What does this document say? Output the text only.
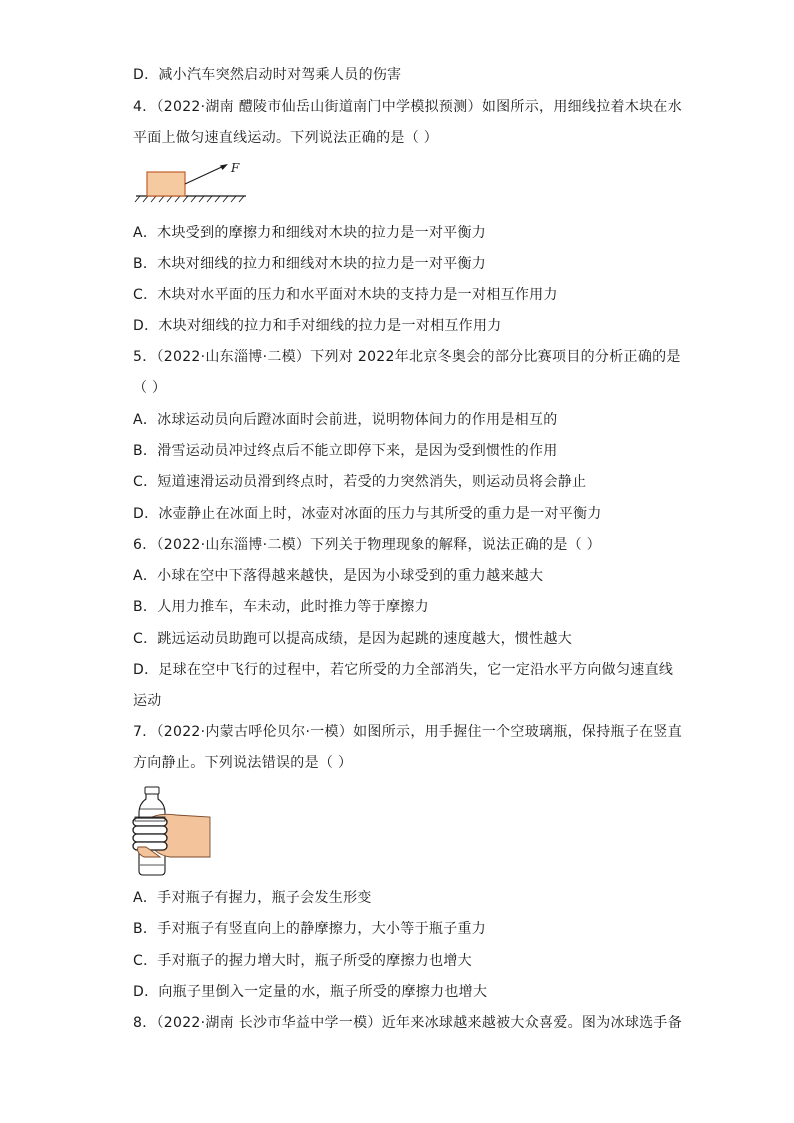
D．减小汽车突然启动时对驾乘人员的伤害
4．（2022·湖南 醴陵市仙岳山街道南门中学模拟预测）如图所示，用细线拉着木块在水
平面上做匀速直线运动。下列说法正确的是（ ）
F
A．木块受到的摩擦力和细线对木块的拉力是一对平衡力
B．木块对细线的拉力和细线对木块的拉力是一对平衡力
C．木块对水平面的压力和水平面对木块的支持力是一对相互作用力
D．木块对细线的拉力和手对细线的拉力是一对相互作用力
5．（2022·山东淄博·二模）下列对 2022年北京冬奥会的部分比赛项目的分析正确的是
（ ）
A．冰球运动员向后蹬冰面时会前进，说明物体间力的作用是相互的
B．滑雪运动员冲过终点后不能立即停下来，是因为受到惯性的作用
C．短道速滑运动员滑到终点时，若受的力突然消失，则运动员将会静止
D．冰壶静止在冰面上时，冰壶对冰面的压力与其所受的重力是一对平衡力
6．（2022·山东淄博·二模）下列关于物理现象的解释，说法正确的是（ ）
A．小球在空中下落得越来越快，是因为小球受到的重力越来越大
B．人用力推车，车未动，此时推力等于摩擦力
C．跳远运动员助跑可以提高成绩，是因为起跳的速度越大，惯性越大
D．足球在空中飞行的过程中，若它所受的力全部消失，它一定沿水平方向做匀速直线
运动
7．（2022·内蒙古呼伦贝尔·一模）如图所示，用手握住一个空玻璃瓶，保持瓶子在竖直
方向静止。下列说法错误的是（ ）
A．手对瓶子有握力，瓶子会发生形变
B．手对瓶子有竖直向上的静摩擦力，大小等于瓶子重力
C．手对瓶子的握力增大时，瓶子所受的摩擦力也增大
D．向瓶子里倒入一定量的水，瓶子所受的摩擦力也增大
8．（2022·湖南 长沙市华益中学一模）近年来冰球越来越被大众喜爱。图为冰球选手备
